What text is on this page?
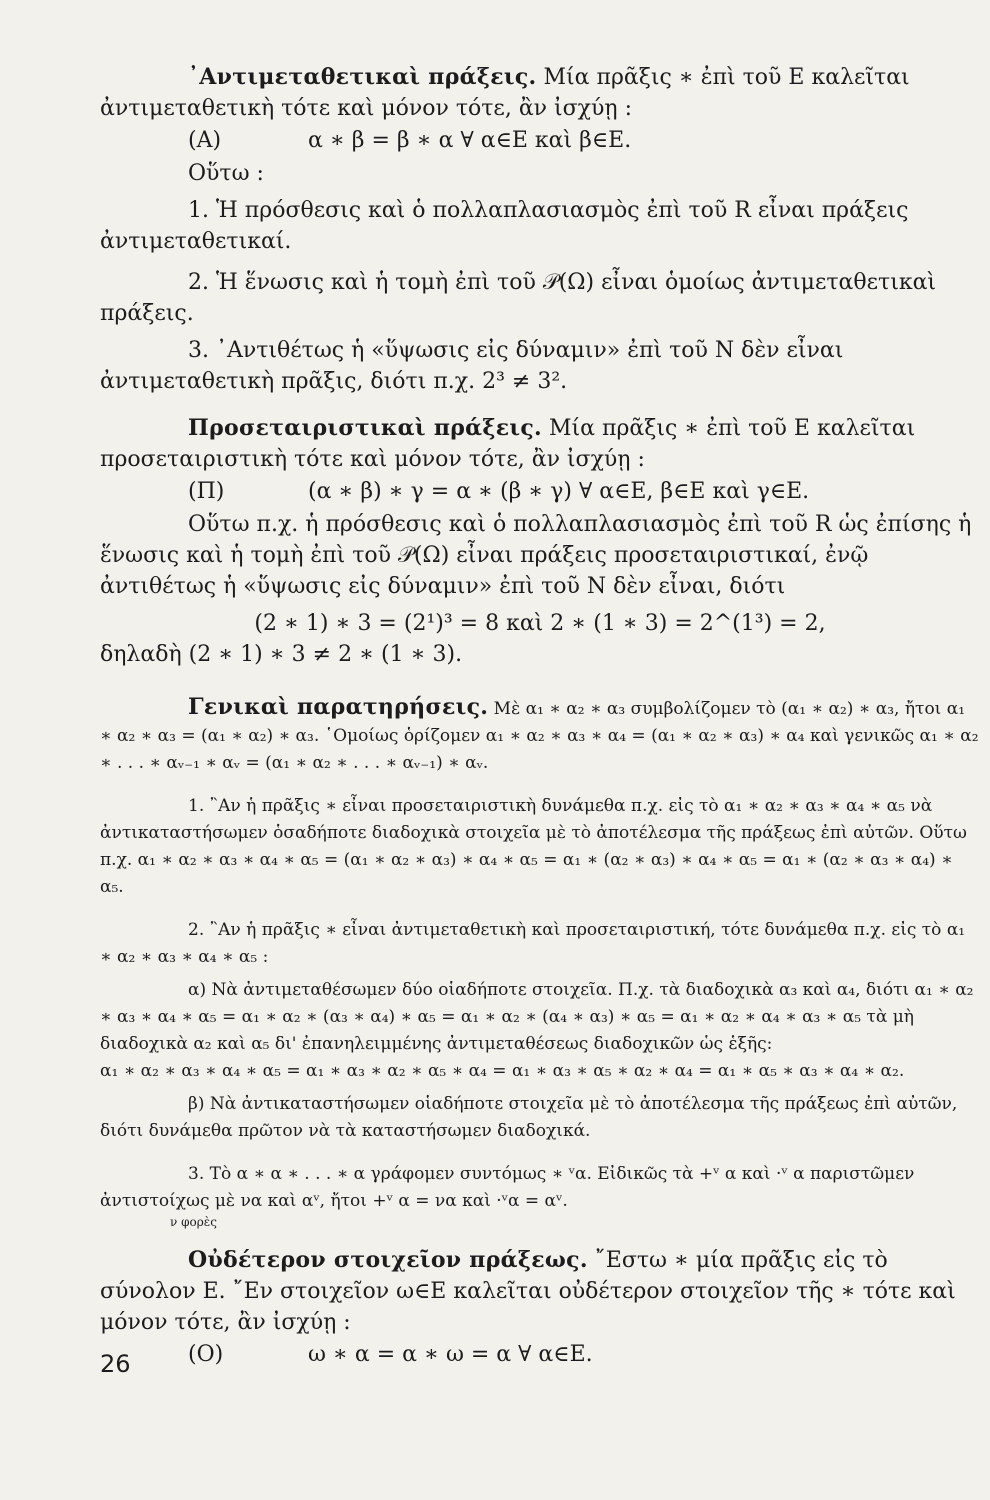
᾿Αντιμεταθετικαὶ πράξεις. Μία πρᾶξις ∗ ἐπὶ τοῦ Ε καλεῖται ἀντιμεταθετικὴ τότε καὶ μόνον τότε, ἂν ἰσχύῃ :

(Α)	α ∗ β = β ∗ α ∀ α∈Ε καὶ β∈Ε.

Οὕτω :

1. Ἡ πρόσθεσις καὶ ὁ πολλαπλασιασμὸς ἐπὶ τοῦ R εἶναι πράξεις ἀντιμεταθετικαί.

2. Ἡ ἕνωσις καὶ ἡ τομὴ ἐπὶ τοῦ 𝒫(Ω) εἶναι ὁμοίως ἀντιμεταθετικαὶ πράξεις.

3. ᾿Αντιθέτως ἡ «ὕψωσις εἰς δύναμιν» ἐπὶ τοῦ Ν δὲν εἶναι ἀντιμεταθετικὴ πρᾶξις, διότι π.χ. 2³ ≠ 3².

Προσεταιριστικαὶ πράξεις. Μία πρᾶξις ∗ ἐπὶ τοῦ Ε καλεῖται προσεταιριστικὴ τότε καὶ μόνον τότε, ἂν ἰσχύῃ :

(Π)	(α ∗ β) ∗ γ = α ∗ (β ∗ γ) ∀ α∈Ε, β∈Ε καὶ γ∈Ε.

Οὕτω π.χ. ἡ πρόσθεσις καὶ ὁ πολλαπλασιασμὸς ἐπὶ τοῦ R ὡς ἐπίσης ἡ ἕνωσις καὶ ἡ τομὴ ἐπὶ τοῦ 𝒫(Ω) εἶναι πράξεις προσεταιριστικαί, ἐνῷ ἀντιθέτως ἡ «ὕψωσις εἰς δύναμιν» ἐπὶ τοῦ Ν δὲν εἶναι, διότι

(2 ∗ 1) ∗ 3 = (2¹)³ = 8 καὶ 2 ∗ (1 ∗ 3) = 2^(1³) = 2,

δηλαδὴ (2 ∗ 1) ∗ 3 ≠ 2 ∗ (1 ∗ 3).

Γενικαὶ παρατηρήσεις. Μὲ α₁ ∗ α₂ ∗ α₃ συμβολίζομεν τὸ (α₁ ∗ α₂) ∗ α₃, ἤτοι α₁ ∗ α₂ ∗ α₃ = (α₁ ∗ α₂) ∗ α₃. ῾Ομοίως ὁρίζομεν α₁ ∗ α₂ ∗ α₃ ∗ α₄ = (α₁ ∗ α₂ ∗ α₃) ∗ α₄ καὶ γενικῶς α₁ ∗ α₂ ∗ . . . ∗ αᵥ₋₁ ∗ αᵥ = (α₁ ∗ α₂ ∗ . . . ∗ αᵥ₋₁) ∗ αᵥ.

1. ῍Αν ἡ πρᾶξις ∗ εἶναι προσεταιριστικὴ δυνάμεθα π.χ. εἰς τὸ α₁ ∗ α₂ ∗ α₃ ∗ α₄ ∗ α₅ νὰ ἀντικαταστήσωμεν ὁσαδήποτε διαδοχικὰ στοιχεῖα μὲ τὸ ἀποτέλεσμα τῆς πράξεως ἐπὶ αὐτῶν. Οὕτω π.χ. α₁ ∗ α₂ ∗ α₃ ∗ α₄ ∗ α₅ = (α₁ ∗ α₂ ∗ α₃) ∗ α₄ ∗ α₅ = α₁ ∗ (α₂ ∗ α₃) ∗ α₄ ∗ α₅ = α₁ ∗ (α₂ ∗ α₃ ∗ α₄) ∗ α₅.

2. ῍Αν ἡ πρᾶξις ∗ εἶναι ἀντιμεταθετικὴ καὶ προσεταιριστική, τότε δυνάμεθα π.χ. εἰς τὸ α₁ ∗ α₂ ∗ α₃ ∗ α₄ ∗ α₅ :

α) Νὰ ἀντιμεταθέσωμεν δύο οἱαδήποτε στοιχεῖα. Π.χ. τὰ διαδοχικὰ α₃ καὶ α₄, διότι α₁ ∗ α₂ ∗ α₃ ∗ α₄ ∗ α₅ = α₁ ∗ α₂ ∗ (α₃ ∗ α₄) ∗ α₅ = α₁ ∗ α₂ ∗ (α₄ ∗ α₃) ∗ α₅ = α₁ ∗ α₂ ∗ α₄ ∗ α₃ ∗ α₅ τὰ μὴ διαδοχικὰ α₂ καὶ α₅ δι' ἐπανηλειμμένης ἀντιμεταθέσεως διαδοχικῶν ὡς ἑξῆς:

α₁ ∗ α₂ ∗ α₃ ∗ α₄ ∗ α₅ = α₁ ∗ α₃ ∗ α₂ ∗ α₅ ∗ α₄ = α₁ ∗ α₃ ∗ α₅ ∗ α₂ ∗ α₄ = α₁ ∗ α₅ ∗ α₃ ∗ α₄ ∗ α₂.

β) Νὰ ἀντικαταστήσωμεν οἱαδήποτε στοιχεῖα μὲ τὸ ἀποτέλεσμα τῆς πράξεως ἐπὶ αὐτῶν, διότι δυνάμεθα πρῶτον νὰ τὰ καταστήσωμεν διαδοχικά.

3. Τὸ α ∗ α ∗ . . . ∗ α γράφομεν συντόμως ∗ ᵛα. Εἰδικῶς τὰ +ᵛ α καὶ ·ᵛ α παριστῶμεν ἀντιστοίχως μὲ να καὶ αᵛ, ἤτοι +ᵛ α = να καὶ ·ᵛα = αᵛ.

ν φορὲς

Οὐδέτερον στοιχεῖον πράξεως. ῎Εστω ∗ μία πρᾶξις εἰς τὸ σύνολον Ε. ῎Εν στοιχεῖον ω∈Ε καλεῖται οὐδέτερον στοιχεῖον τῆς ∗ τότε καὶ μόνον τότε, ἂν ἰσχύῃ :

(Ο)	ω ∗ α = α ∗ ω = α ∀ α∈Ε.
26
